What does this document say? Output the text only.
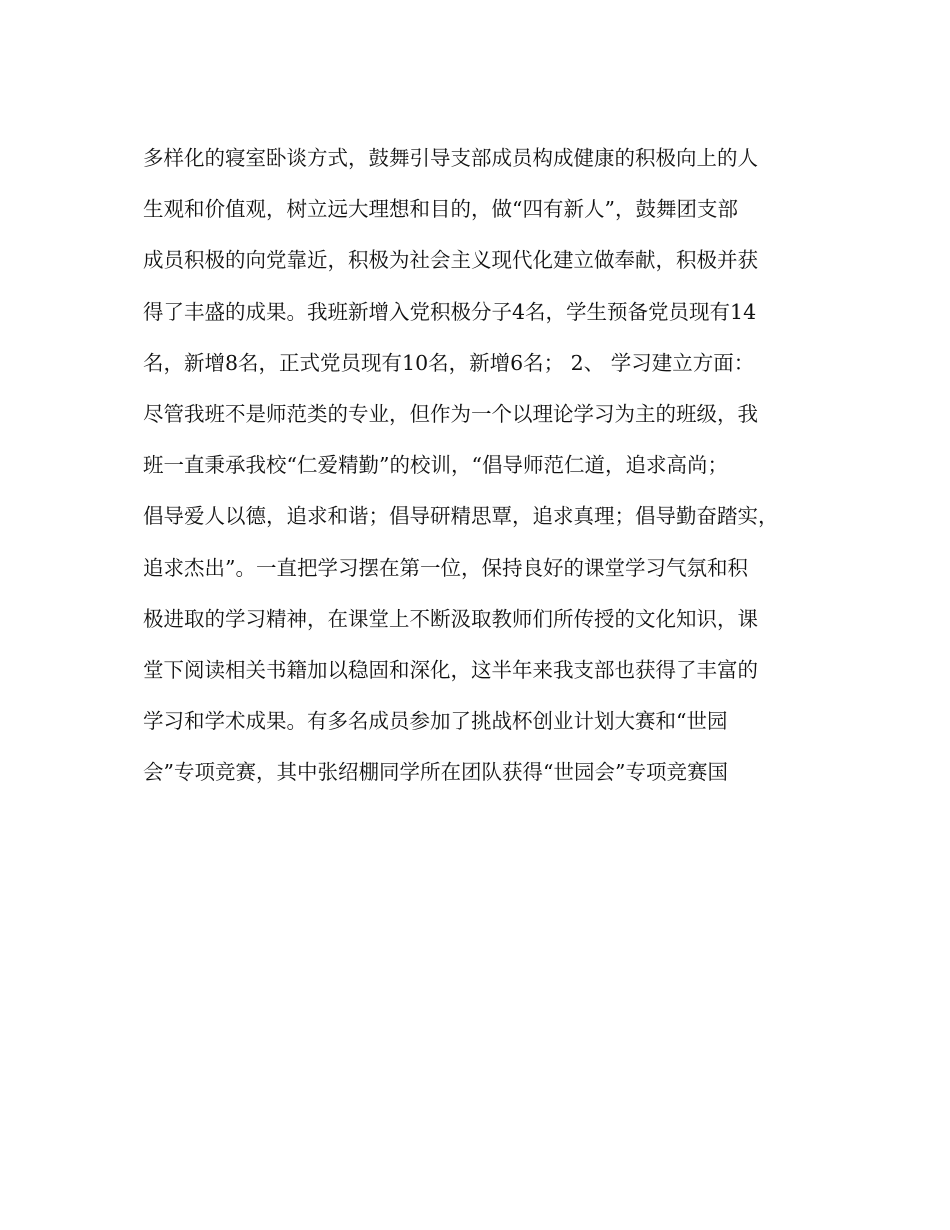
多样化的寝室卧谈方式，鼓舞引导支部成员构成健康的积极向上的人
生观和价值观，树立远大理想和目的，做“四有新人”，鼓舞团支部
成员积极的向党靠近，积极为社会主义现代化建立做奉献，积极并获
得了丰盛的成果。我班新增入党积极分子4名，学生预备党员现有14
名，新增8名，正式党员现有10名，新增6名； 2、 学习建立方面：
尽管我班不是师范类的专业，但作为一个以理论学习为主的班级，我
班一直秉承我校“仁爱精勤”的校训，“倡导师范仁道，追求高尚；
倡导爱人以德，追求和谐；倡导研精思覃，追求真理；倡导勤奋踏实，
追求杰出”。一直把学习摆在第一位，保持良好的课堂学习气氛和积
极进取的学习精神，在课堂上不断汲取教师们所传授的文化知识，课
堂下阅读相关书籍加以稳固和深化，这半年来我支部也获得了丰富的
学习和学术成果。有多名成员参加了挑战杯创业计划大赛和“世园
会”专项竞赛，其中张绍棚同学所在团队获得“世园会”专项竞赛国
